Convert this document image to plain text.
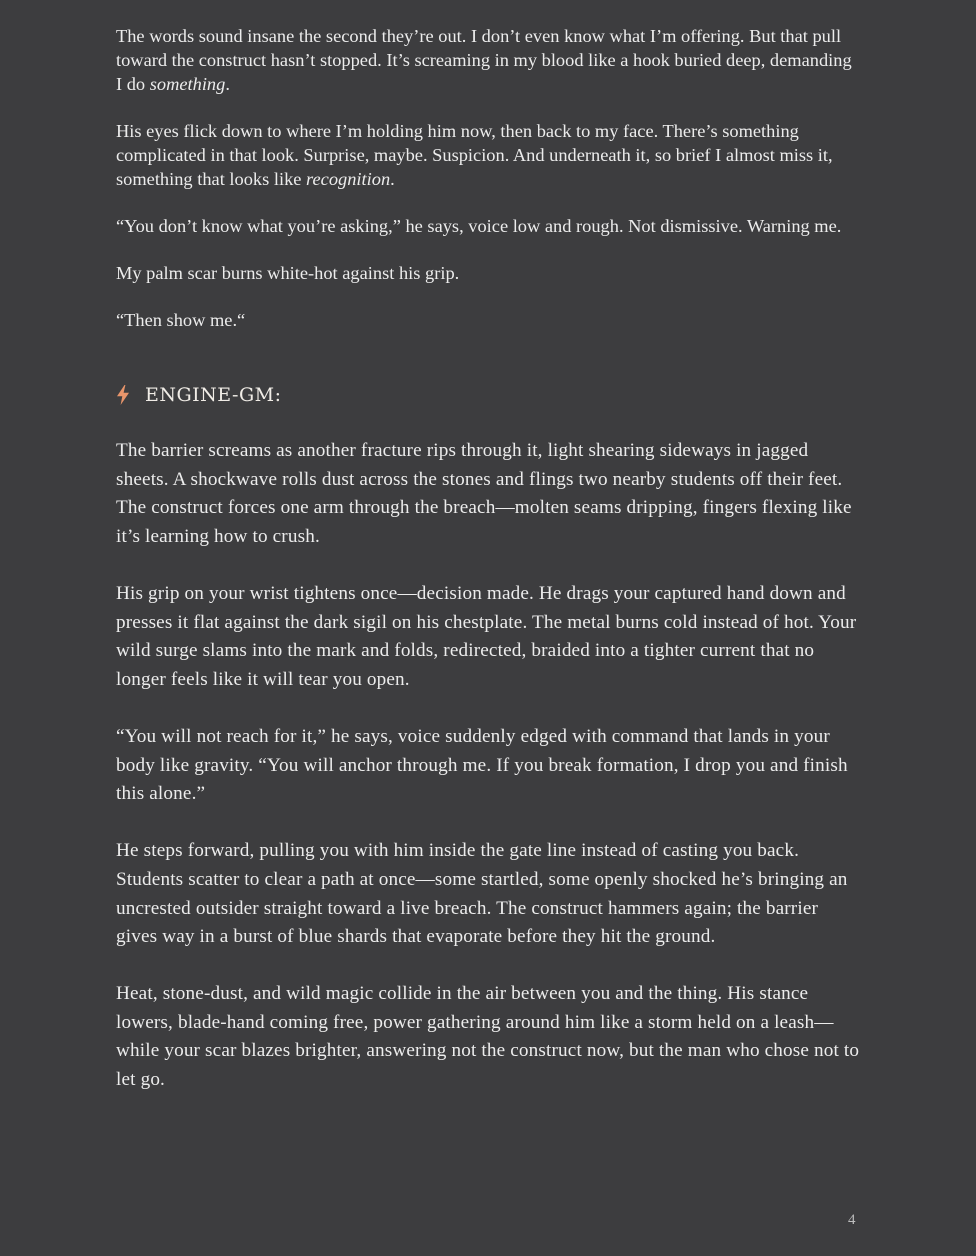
The words sound insane the second they’re out. I don’t even know what I’m offering. But that pull toward the construct hasn’t stopped. It’s screaming in my blood like a hook buried deep, demanding I do something.

His eyes flick down to where I’m holding him now, then back to my face. There’s something complicated in that look. Surprise, maybe. Suspicion. And underneath it, so brief I almost miss it, something that looks like recognition.

“You don’t know what you’re asking,” he says, voice low and rough. Not dismissive. Warning me.

My palm scar burns white-hot against his grip.

“Then show me.“

ENGINE-GM:

The barrier screams as another fracture rips through it, light shearing sideways in jagged sheets. A shockwave rolls dust across the stones and flings two nearby students off their feet. The construct forces one arm through the breach—molten seams dripping, fingers flexing like it’s learning how to crush.

His grip on your wrist tightens once—decision made. He drags your captured hand down and presses it flat against the dark sigil on his chestplate. The metal burns cold instead of hot. Your wild surge slams into the mark and folds, redirected, braided into a tighter current that no longer feels like it will tear you open.

“You will not reach for it,” he says, voice suddenly edged with command that lands in your body like gravity. “You will anchor through me. If you break formation, I drop you and finish this alone.”

He steps forward, pulling you with him inside the gate line instead of casting you back. Students scatter to clear a path at once—some startled, some openly shocked he’s bringing an uncrested outsider straight toward a live breach. The construct hammers again; the barrier gives way in a burst of blue shards that evaporate before they hit the ground.

Heat, stone-dust, and wild magic collide in the air between you and the thing. His stance lowers, blade-hand coming free, power gathering around him like a storm held on a leash—while your scar blazes brighter, answering not the construct now, but the man who chose not to let go.

4
